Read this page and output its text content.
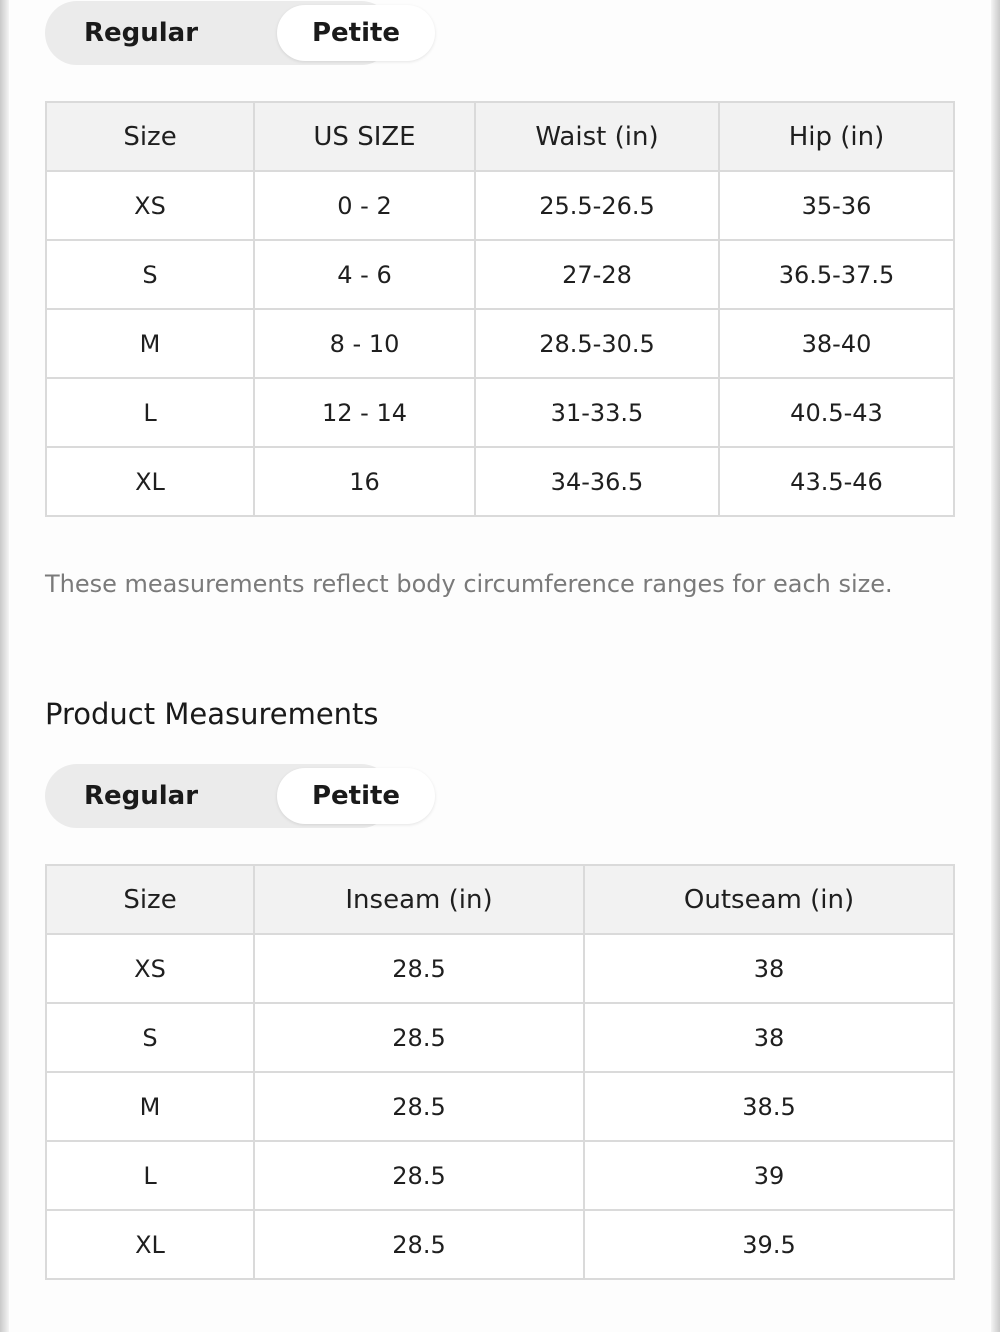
Regular	Petite
Size	US SIZE	Waist (in)	Hip (in)
XS	0 - 2	25.5-26.5	35-36
S	4 - 6	27-28	36.5-37.5
M	8 - 10	28.5-30.5	38-40
L	12 - 14	31-33.5	40.5-43
XL	16	34-36.5	43.5-46
These measurements reflect body circumference ranges for each size.
Product Measurements
Regular	Petite
Size	Inseam (in)	Outseam (in)
XS	28.5	38
S	28.5	38
M	28.5	38.5
L	28.5	39
XL	28.5	39.5
